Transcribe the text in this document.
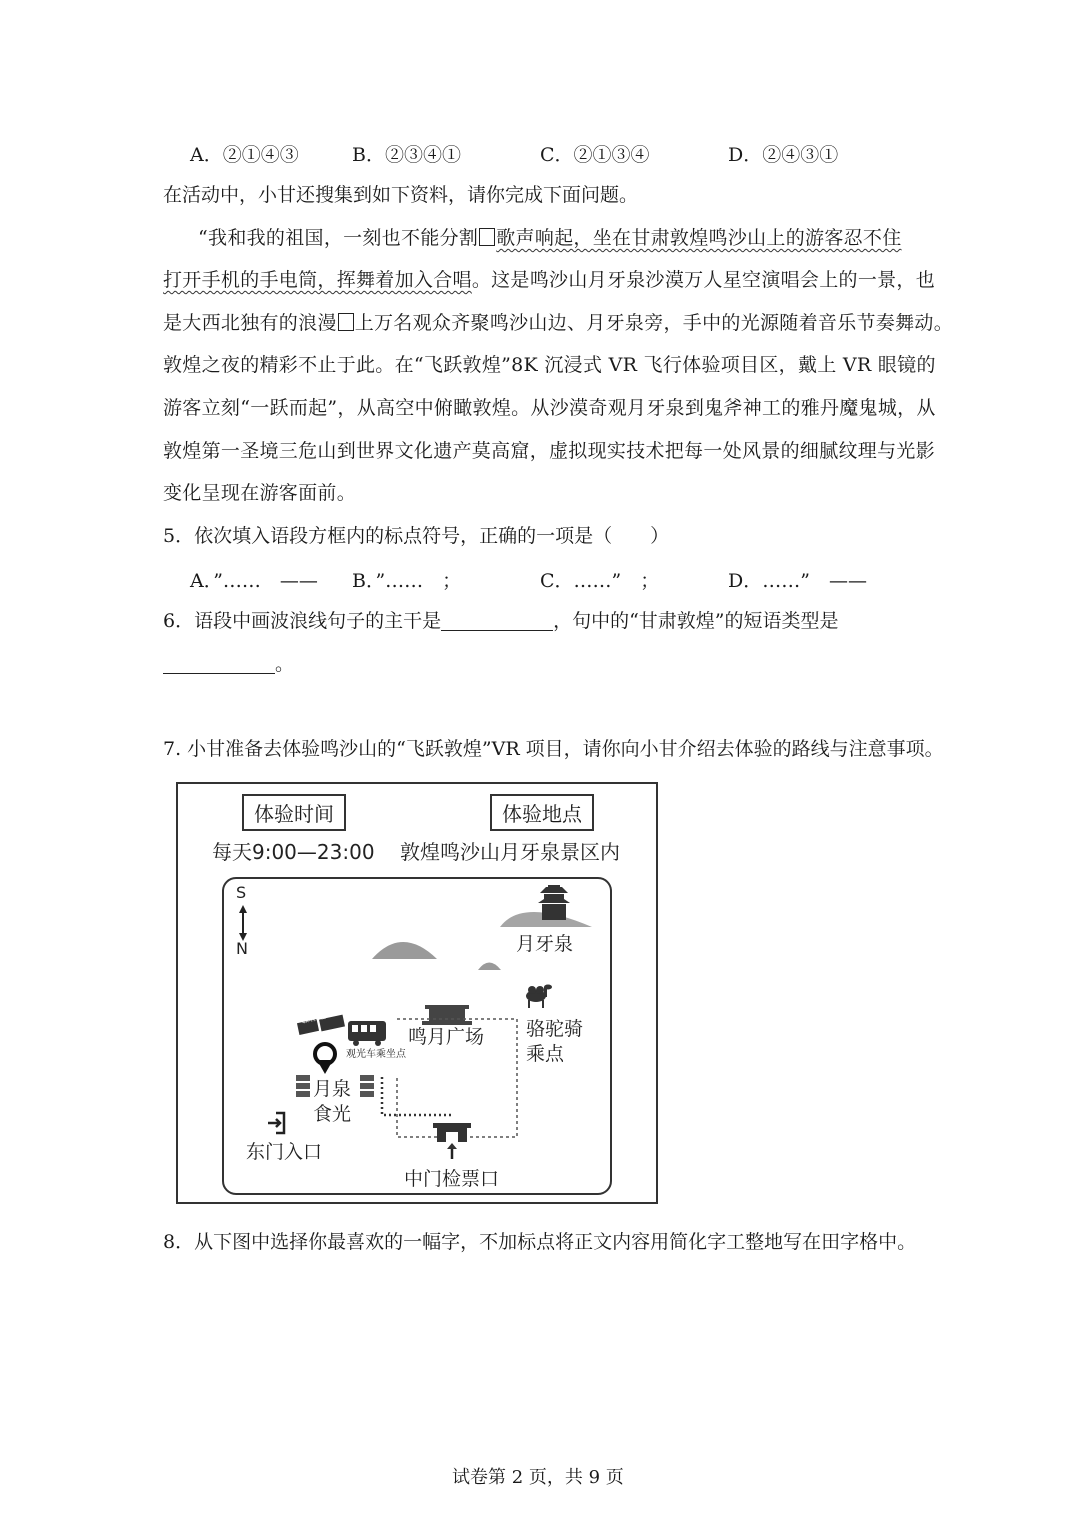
A．②①④③	B．②③④①	C．②①③④	D．②④③①
在活动中，小甘还搜集到如下资料，请你完成下面问题。
“我和我的祖国，一刻也不能分割 歌声响起，坐在甘肃敦煌鸣沙山上的游客忍不住
打开手机的手电筒，挥舞着加入合唱。这是鸣沙山月牙泉沙漠万人星空演唱会上的一景，也
是大西北独有的浪漫 上万名观众齐聚鸣沙山边、月牙泉旁，手中的光源随着音乐节奏舞动。
敦煌之夜的精彩不止于此。在“飞跃敦煌”8K 沉浸式 VR 飞行体验项目区，戴上 VR 眼镜的
游客立刻“一跃而起”，从高空中俯瞰敦煌。从沙漠奇观月牙泉到鬼斧神工的雅丹魔鬼城，从
敦煌第一圣境三危山到世界文化遗产莫高窟，虚拟现实技术把每一处风景的细腻纹理与光影
变化呈现在游客面前。
5．依次填入语段方框内的标点符号，正确的一项是（　　）
A．”……　—— B．”……　；	C．……”　；	D．……”　——
6．语段中画波浪线句子的主干是	，句中的“甘肃敦煌”的短语类型是
。
7. 小甘准备去体验鸣沙山的“飞跃敦煌”VR 项目，请你向小甘介绍去体验的路线与注意事项。
体验时间	体验地点
每天9:00—23:00 敦煌鸣沙山月牙泉景区内
S
N	月牙泉
鸣月广场 骆驼骑
乘点
观光车乘坐点
月泉
食光
东门入口
中门检票口
飞跃敦煌
8．从下图中选择你最喜欢的一幅字，不加标点将正文内容用简化字工整地写在田字格中。
试卷第 2 页，共 9 页
